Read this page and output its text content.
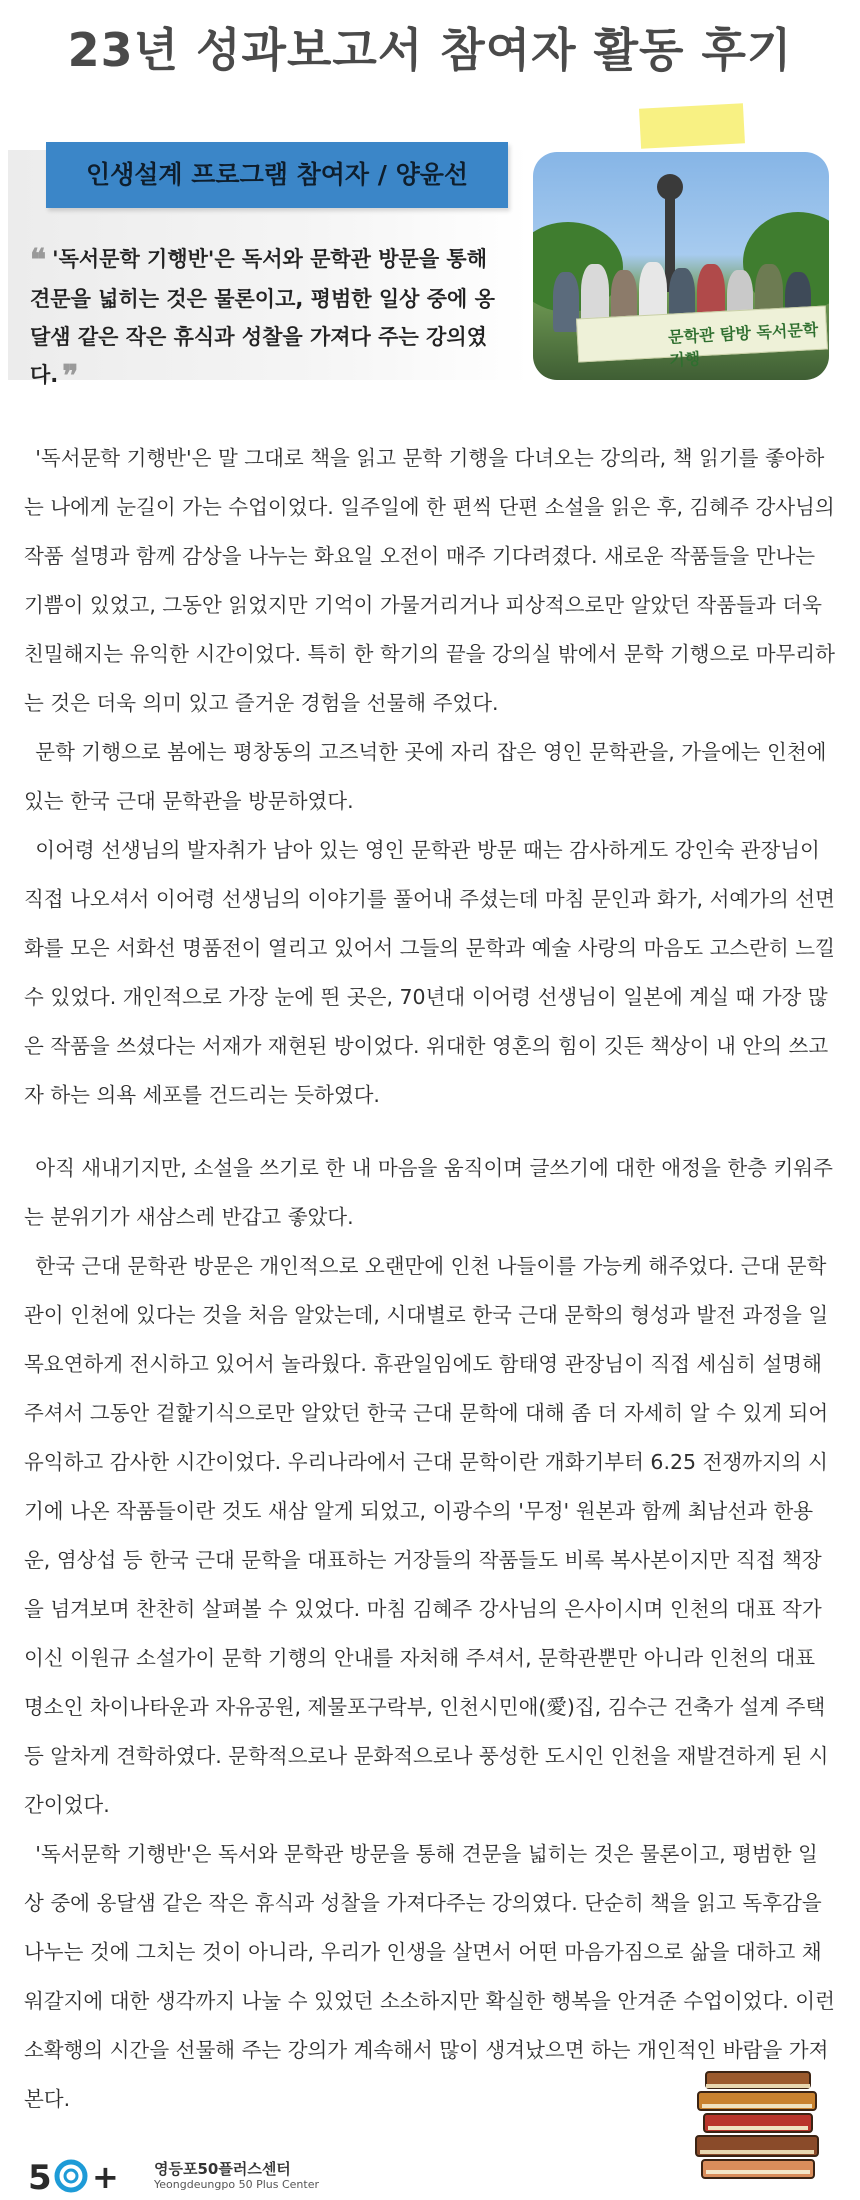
23년 성과보고서 참여자 활동 후기
인생설계 프로그램 참여자 / 양윤선
❝ '독서문학 기행반'은 독서와 문학관 방문을 통해 견문을 넓히는 것은 물론이고, 평범한 일상 중에 옹달샘 같은 작은 휴식과 성찰을 가져다 주는 강의였다. ❞
문학관 탐방 독서문학기행

'독서문학 기행반'은 말 그대로 책을 읽고 문학 기행을 다녀오는 강의라, 책 읽기를 좋아하는 나에게 눈길이 가는 수업이었다. 일주일에 한 편씩 단편 소설을 읽은 후, 김혜주 강사님의 작품 설명과 함께 감상을 나누는 화요일 오전이 매주 기다려졌다. 새로운 작품들을 만나는 기쁨이 있었고, 그동안 읽었지만 기억이 가물거리거나 피상적으로만 알았던 작품들과 더욱 친밀해지는 유익한 시간이었다. 특히 한 학기의 끝을 강의실 밖에서 문학 기행으로 마무리하는 것은 더욱 의미 있고 즐거운 경험을 선물해 주었다.

문학 기행으로 봄에는 평창동의 고즈넉한 곳에 자리 잡은 영인 문학관을, 가을에는 인천에 있는 한국 근대 문학관을 방문하였다.

이어령 선생님의 발자취가 남아 있는 영인 문학관 방문 때는 감사하게도 강인숙 관장님이 직접 나오셔서 이어령 선생님의 이야기를 풀어내 주셨는데 마침 문인과 화가, 서예가의 선면화를 모은 서화선 명품전이 열리고 있어서 그들의 문학과 예술 사랑의 마음도 고스란히 느낄 수 있었다. 개인적으로 가장 눈에 띈 곳은, 70년대 이어령 선생님이 일본에 계실 때 가장 많은 작품을 쓰셨다는 서재가 재현된 방이었다. 위대한 영혼의 힘이 깃든 책상이 내 안의 쓰고자 하는 의욕 세포를 건드리는 듯하였다.

아직 새내기지만, 소설을 쓰기로 한 내 마음을 움직이며 글쓰기에 대한 애정을 한층 키워주는 분위기가 새삼스레 반갑고 좋았다.

한국 근대 문학관 방문은 개인적으로 오랜만에 인천 나들이를 가능케 해주었다. 근대 문학관이 인천에 있다는 것을 처음 알았는데, 시대별로 한국 근대 문학의 형성과 발전 과정을 일목요연하게 전시하고 있어서 놀라웠다. 휴관일임에도 함태영 관장님이 직접 세심히 설명해 주셔서 그동안 겉핥기식으로만 알았던 한국 근대 문학에 대해 좀 더 자세히 알 수 있게 되어 유익하고 감사한 시간이었다. 우리나라에서 근대 문학이란 개화기부터 6.25 전쟁까지의 시기에 나온 작품들이란 것도 새삼 알게 되었고, 이광수의 '무정' 원본과 함께 최남선과 한용운, 염상섭 등 한국 근대 문학을 대표하는 거장들의 작품들도 비록 복사본이지만 직접 책장을 넘겨보며 찬찬히 살펴볼 수 있었다. 마침 김혜주 강사님의 은사이시며 인천의 대표 작가이신 이원규 소설가이 문학 기행의 안내를 자처해 주셔서, 문학관뿐만 아니라 인천의 대표 명소인 차이나타운과 자유공원, 제물포구락부, 인천시민애(愛)집, 김수근 건축가 설계 주택 등 알차게 견학하였다. 문학적으로나 문화적으로나 풍성한 도시인 인천을 재발견하게 된 시간이었다.

'독서문학 기행반'은 독서와 문학관 방문을 통해 견문을 넓히는 것은 물론이고, 평범한 일상 중에 옹달샘 같은 작은 휴식과 성찰을 가져다주는 강의였다. 단순히 책을 읽고 독후감을 나누는 것에 그치는 것이 아니라, 우리가 인생을 살면서 어떤 마음가짐으로 삶을 대하고 채워갈지에 대한 생각까지 나눌 수 있었던 소소하지만 확실한 행복을 안겨준 수업이었다. 이런 소확행의 시간을 선물해 주는 강의가 계속해서 많이 생겨났으면 하는 개인적인 바람을 가져본다.

5 + 영등포50플러스센터
Yeongdeungpo 50 Plus Center
